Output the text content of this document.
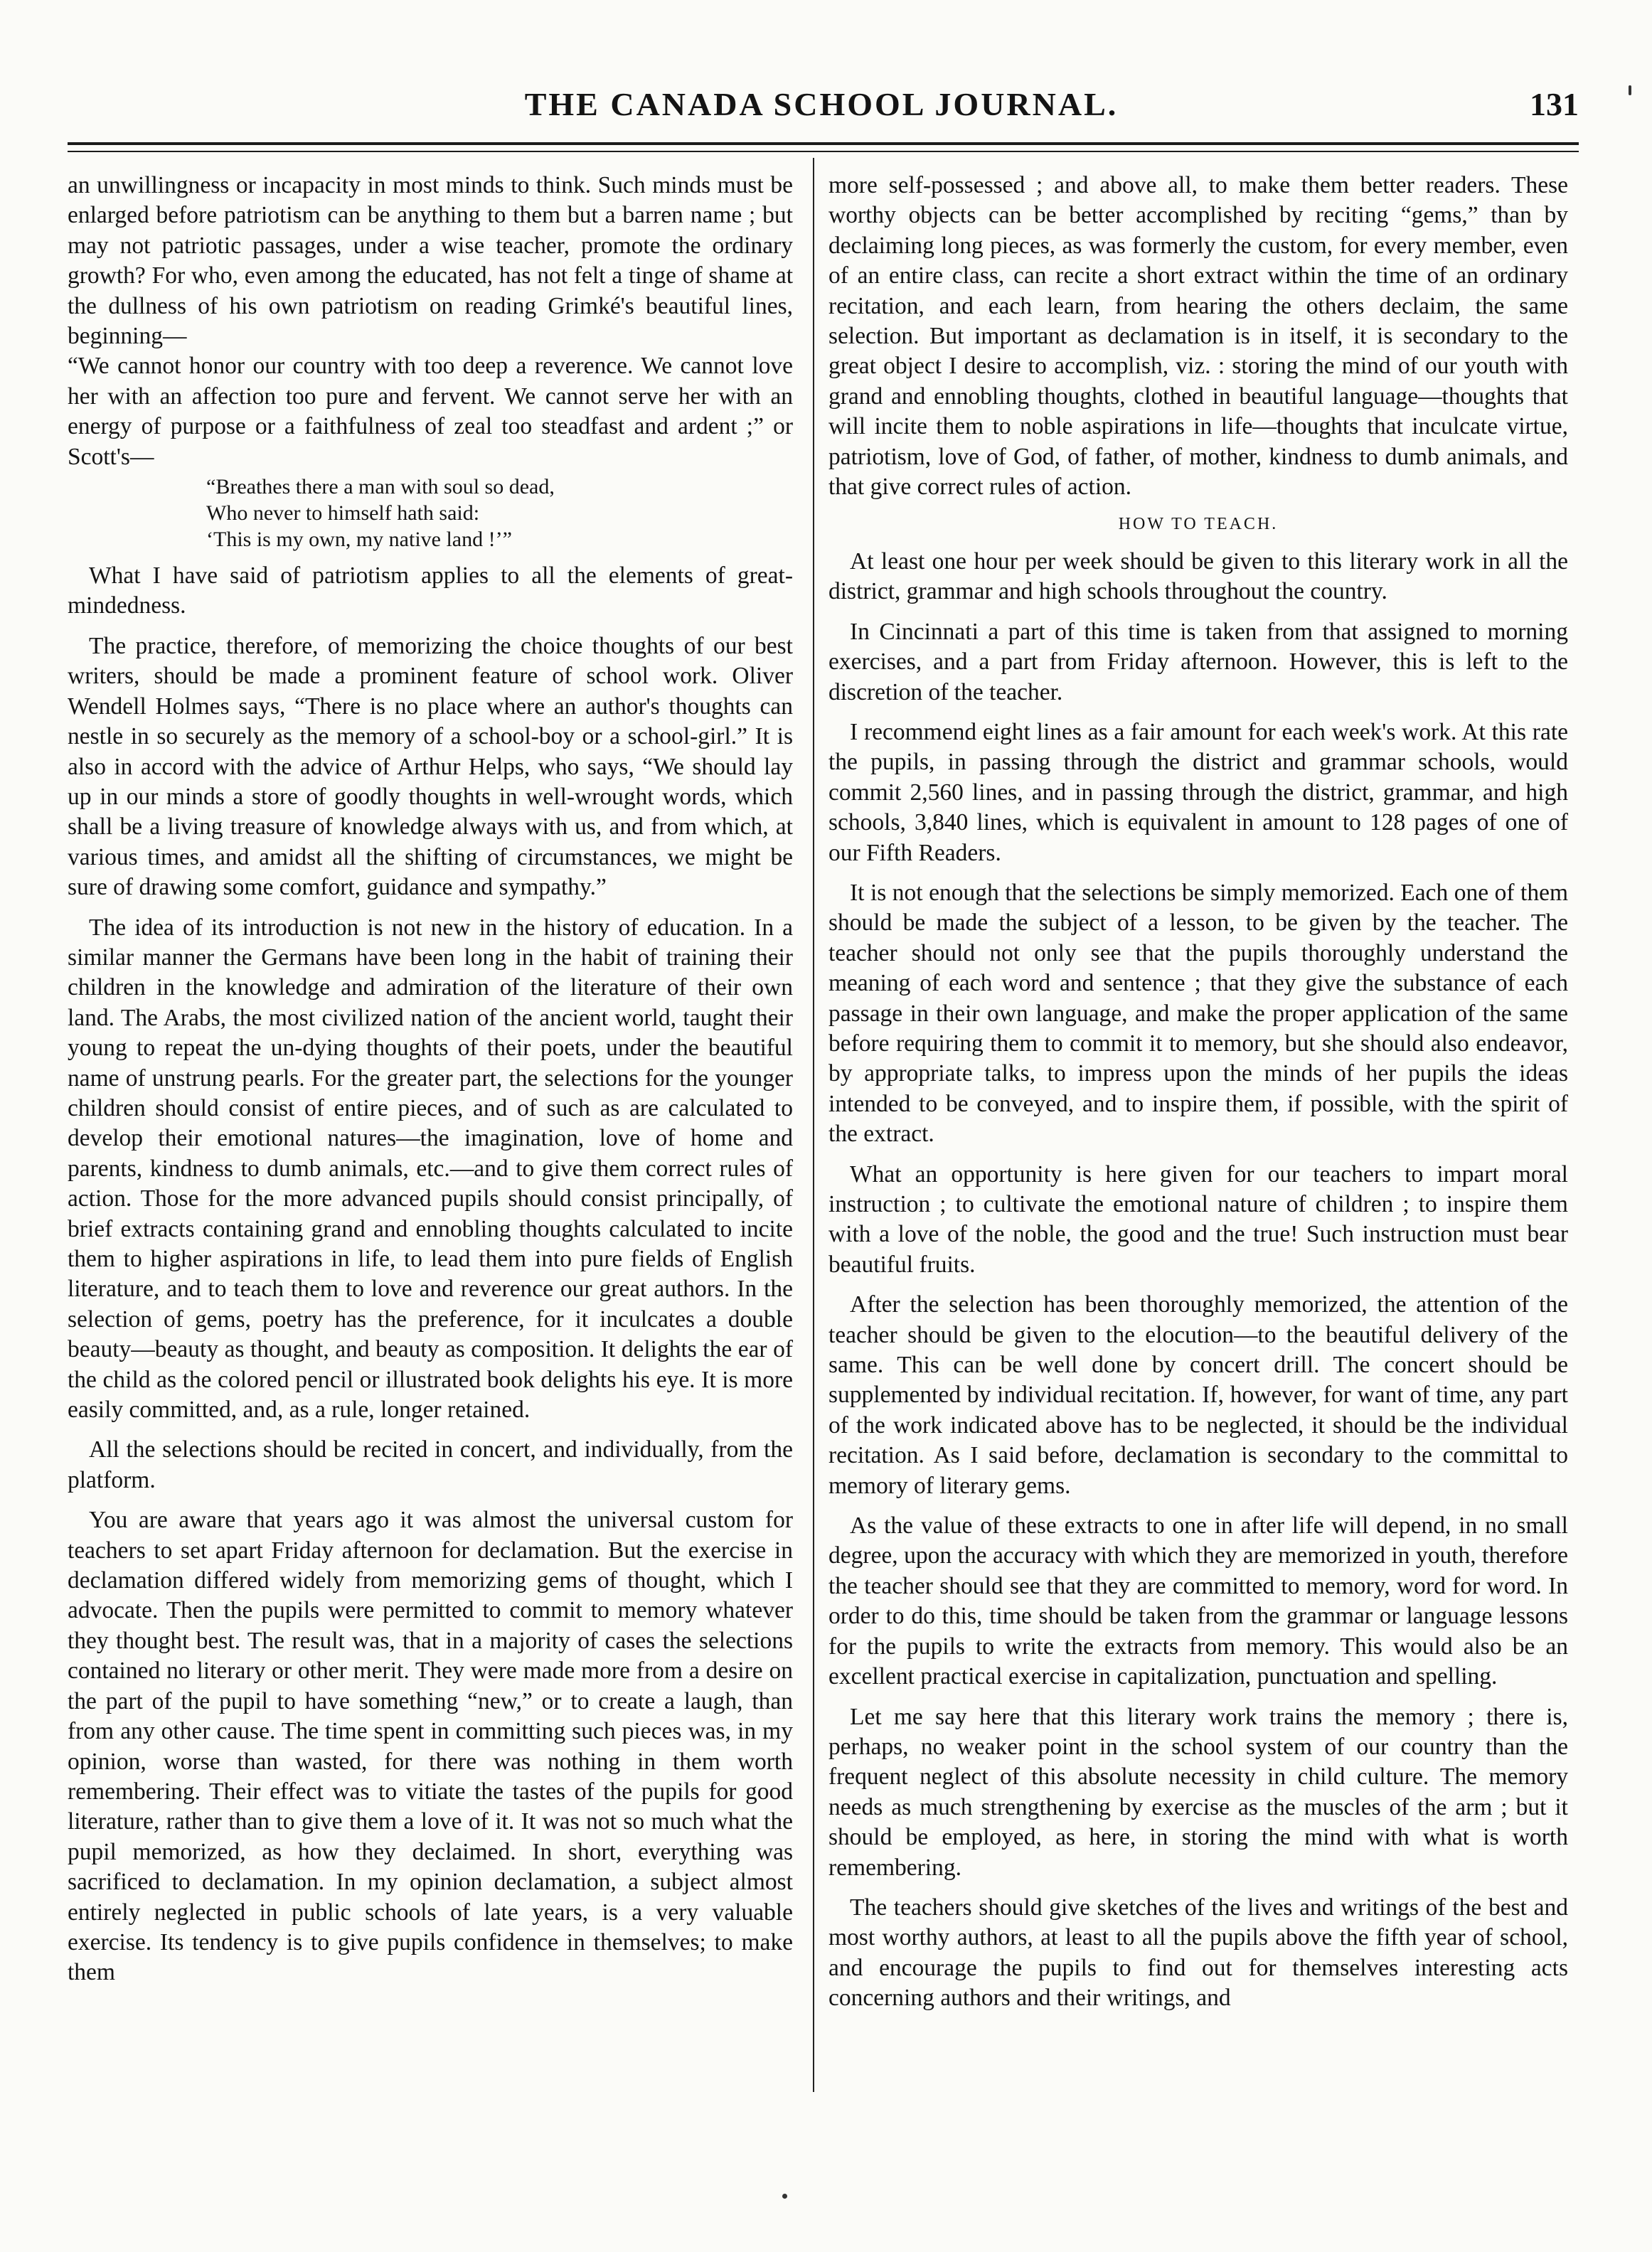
THE CANADA SCHOOL JOURNAL.	131

an unwillingness or incapacity in most minds to think. Such minds must be enlarged before patriotism can be anything to them but a barren name ; but may not patriotic passages, under a wise teacher, promote the ordinary growth? For who, even among the educated, has not felt a tinge of shame at the dullness of his own patriotism on reading Grimké's beautiful lines, beginning—

“We cannot honor our country with too deep a reverence. We cannot love her with an affection too pure and fervent. We cannot serve her with an energy of purpose or a faithfulness of zeal too steadfast and ardent ;” or Scott's—

“Breathes there a man with soul so dead,
Who never to himself hath said:
‘This is my own, my native land !’”

What I have said of patriotism applies to all the elements of great-mindedness.

The practice, therefore, of memorizing the choice thoughts of our best writers, should be made a prominent feature of school work. Oliver Wendell Holmes says, “There is no place where an author's thoughts can nestle in so securely as the memory of a school-boy or a school-girl.” It is also in accord with the advice of Arthur Helps, who says, “We should lay up in our minds a store of goodly thoughts in well-wrought words, which shall be a living treasure of knowledge always with us, and from which, at various times, and amidst all the shifting of circumstances, we might be sure of drawing some comfort, guidance and sympathy.”

The idea of its introduction is not new in the history of education. In a similar manner the Germans have been long in the habit of training their children in the knowledge and admiration of the literature of their own land. The Arabs, the most civilized nation of the ancient world, taught their young to repeat the un-dying thoughts of their poets, under the beautiful name of unstrung pearls. For the greater part, the selections for the younger children should consist of entire pieces, and of such as are calculated to develop their emotional natures—the imagination, love of home and parents, kindness to dumb animals, etc.—and to give them correct rules of action. Those for the more advanced pupils should consist principally, of brief extracts containing grand and ennobling thoughts calculated to incite them to higher aspirations in life, to lead them into pure fields of English literature, and to teach them to love and reverence our great authors. In the selection of gems, poetry has the preference, for it inculcates a double beauty—beauty as thought, and beauty as composition. It delights the ear of the child as the colored pencil or illustrated book delights his eye. It is more easily committed, and, as a rule, longer retained.

All the selections should be recited in concert, and individually, from the platform.

You are aware that years ago it was almost the universal custom for teachers to set apart Friday afternoon for declamation. But the exercise in declamation differed widely from memorizing gems of thought, which I advocate. Then the pupils were permitted to commit to memory whatever they thought best. The result was, that in a majority of cases the selections contained no literary or other merit. They were made more from a desire on the part of the pupil to have something “new,” or to create a laugh, than from any other cause. The time spent in committing such pieces was, in my opinion, worse than wasted, for there was nothing in them worth remembering. Their effect was to vitiate the tastes of the pupils for good literature, rather than to give them a love of it. It was not so much what the pupil memorized, as how they declaimed. In short, everything was sacrificed to declamation. In my opinion declamation, a subject almost entirely neglected in public schools of late years, is a very valuable exercise. Its tendency is to give pupils confidence in themselves; to make them

more self-possessed ; and above all, to make them better readers. These worthy objects can be better accomplished by reciting “gems,” than by declaiming long pieces, as was formerly the custom, for every member, even of an entire class, can recite a short extract within the time of an ordinary recitation, and each learn, from hearing the others declaim, the same selection. But important as declamation is in itself, it is secondary to the great object I desire to accomplish, viz. : storing the mind of our youth with grand and ennobling thoughts, clothed in beautiful language—thoughts that will incite them to noble aspirations in life—thoughts that inculcate virtue, patriotism, love of God, of father, of mother, kindness to dumb animals, and that give correct rules of action.

HOW TO TEACH.

At least one hour per week should be given to this literary work in all the district, grammar and high schools throughout the country.

In Cincinnati a part of this time is taken from that assigned to morning exercises, and a part from Friday afternoon. However, this is left to the discretion of the teacher.

I recommend eight lines as a fair amount for each week's work. At this rate the pupils, in passing through the district and grammar schools, would commit 2,560 lines, and in passing through the district, grammar, and high schools, 3,840 lines, which is equivalent in amount to 128 pages of one of our Fifth Readers.

It is not enough that the selections be simply memorized. Each one of them should be made the subject of a lesson, to be given by the teacher. The teacher should not only see that the pupils thoroughly understand the meaning of each word and sentence ; that they give the substance of each passage in their own language, and make the proper application of the same before requiring them to commit it to memory, but she should also endeavor, by appropriate talks, to impress upon the minds of her pupils the ideas intended to be conveyed, and to inspire them, if possible, with the spirit of the extract.

What an opportunity is here given for our teachers to impart moral instruction ; to cultivate the emotional nature of children ; to inspire them with a love of the noble, the good and the true! Such instruction must bear beautiful fruits.

After the selection has been thoroughly memorized, the attention of the teacher should be given to the elocution—to the beautiful delivery of the same. This can be well done by concert drill. The concert should be supplemented by individual recitation. If, however, for want of time, any part of the work indicated above has to be neglected, it should be the individual recitation. As I said before, declamation is secondary to the committal to memory of literary gems.

As the value of these extracts to one in after life will depend, in no small degree, upon the accuracy with which they are memorized in youth, therefore the teacher should see that they are committed to memory, word for word. In order to do this, time should be taken from the grammar or language lessons for the pupils to write the extracts from memory. This would also be an excellent practical exercise in capitalization, punctuation and spelling.

Let me say here that this literary work trains the memory ; there is, perhaps, no weaker point in the school system of our country than the frequent neglect of this absolute necessity in child culture. The memory needs as much strengthening by exercise as the muscles of the arm ; but it should be employed, as here, in storing the mind with what is worth remembering.

The teachers should give sketches of the lives and writings of the best and most worthy authors, at least to all the pupils above the fifth year of school, and encourage the pupils to find out for themselves interesting acts concerning authors and their writings, and
